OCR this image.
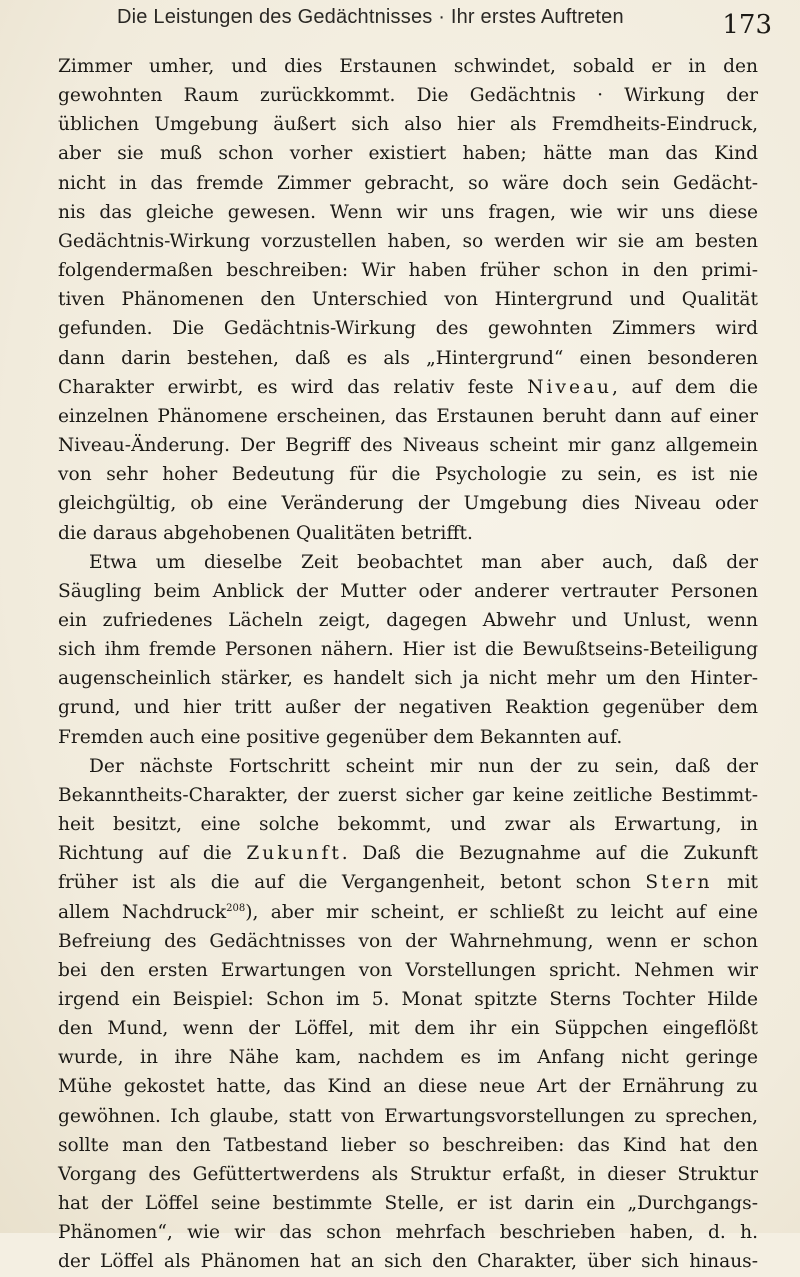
Die Leistungen des Gedächtnisses · Ihr erstes Auftreten	173
Zimmer umher, und dies Erstaunen schwindet, sobald er in den
gewohnten Raum zurückkommt. Die Gedächtnis · Wirkung der
üblichen Umgebung äußert sich also hier als Fremdheits-Eindruck,
aber sie muß schon vorher existiert haben; hätte man das Kind
nicht in das fremde Zimmer gebracht, so wäre doch sein Gedächt-
nis das gleiche gewesen. Wenn wir uns fragen, wie wir uns diese
Gedächtnis-Wirkung vorzustellen haben, so werden wir sie am besten
folgendermaßen beschreiben: Wir haben früher schon in den primi-
tiven Phänomenen den Unterschied von Hintergrund und Qualität
gefunden. Die Gedächtnis-Wirkung des gewohnten Zimmers wird
dann darin bestehen, daß es als „Hintergrund“ einen besonderen
Charakter erwirbt, es wird das relativ feste Niveau, auf dem die
einzelnen Phänomene erscheinen, das Erstaunen beruht dann auf einer
Niveau-Änderung. Der Begriff des Niveaus scheint mir ganz allgemein
von sehr hoher Bedeutung für die Psychologie zu sein, es ist nie
gleichgültig, ob eine Veränderung der Umgebung dies Niveau oder
die daraus abgehobenen Qualitäten betrifft.
Etwa um dieselbe Zeit beobachtet man aber auch, daß der
Säugling beim Anblick der Mutter oder anderer vertrauter Personen
ein zufriedenes Lächeln zeigt, dagegen Abwehr und Unlust, wenn
sich ihm fremde Personen nähern. Hier ist die Bewußtseins-Beteiligung
augenscheinlich stärker, es handelt sich ja nicht mehr um den Hinter-
grund, und hier tritt außer der negativen Reaktion gegenüber dem
Fremden auch eine positive gegenüber dem Bekannten auf.
Der nächste Fortschritt scheint mir nun der zu sein, daß der
Bekanntheits-Charakter, der zuerst sicher gar keine zeitliche Bestimmt-
heit besitzt, eine solche bekommt, und zwar als Erwartung, in
Richtung auf die Zukunft. Daß die Bezugnahme auf die Zukunft
früher ist als die auf die Vergangenheit, betont schon Stern mit
allem Nachdruck$^{208}$), aber mir scheint, er schließt zu leicht auf eine
Befreiung des Gedächtnisses von der Wahrnehmung, wenn er schon
bei den ersten Erwartungen von Vorstellungen spricht. Nehmen wir
irgend ein Beispiel: Schon im 5. Monat spitzte Sterns Tochter Hilde
den Mund, wenn der Löffel, mit dem ihr ein Süppchen eingeflößt
wurde, in ihre Nähe kam, nachdem es im Anfang nicht geringe
Mühe gekostet hatte, das Kind an diese neue Art der Ernährung zu
gewöhnen. Ich glaube, statt von Erwartungsvorstellungen zu sprechen,
sollte man den Tatbestand lieber so beschreiben: das Kind hat den
Vorgang des Gefüttertwerdens als Struktur erfaßt, in dieser Struktur
hat der Löffel seine bestimmte Stelle, er ist darin ein „Durchgangs-
Phänomen“, wie wir das schon mehrfach beschrieben haben, d. h.
der Löffel als Phänomen hat an sich den Charakter, über sich hinaus-
